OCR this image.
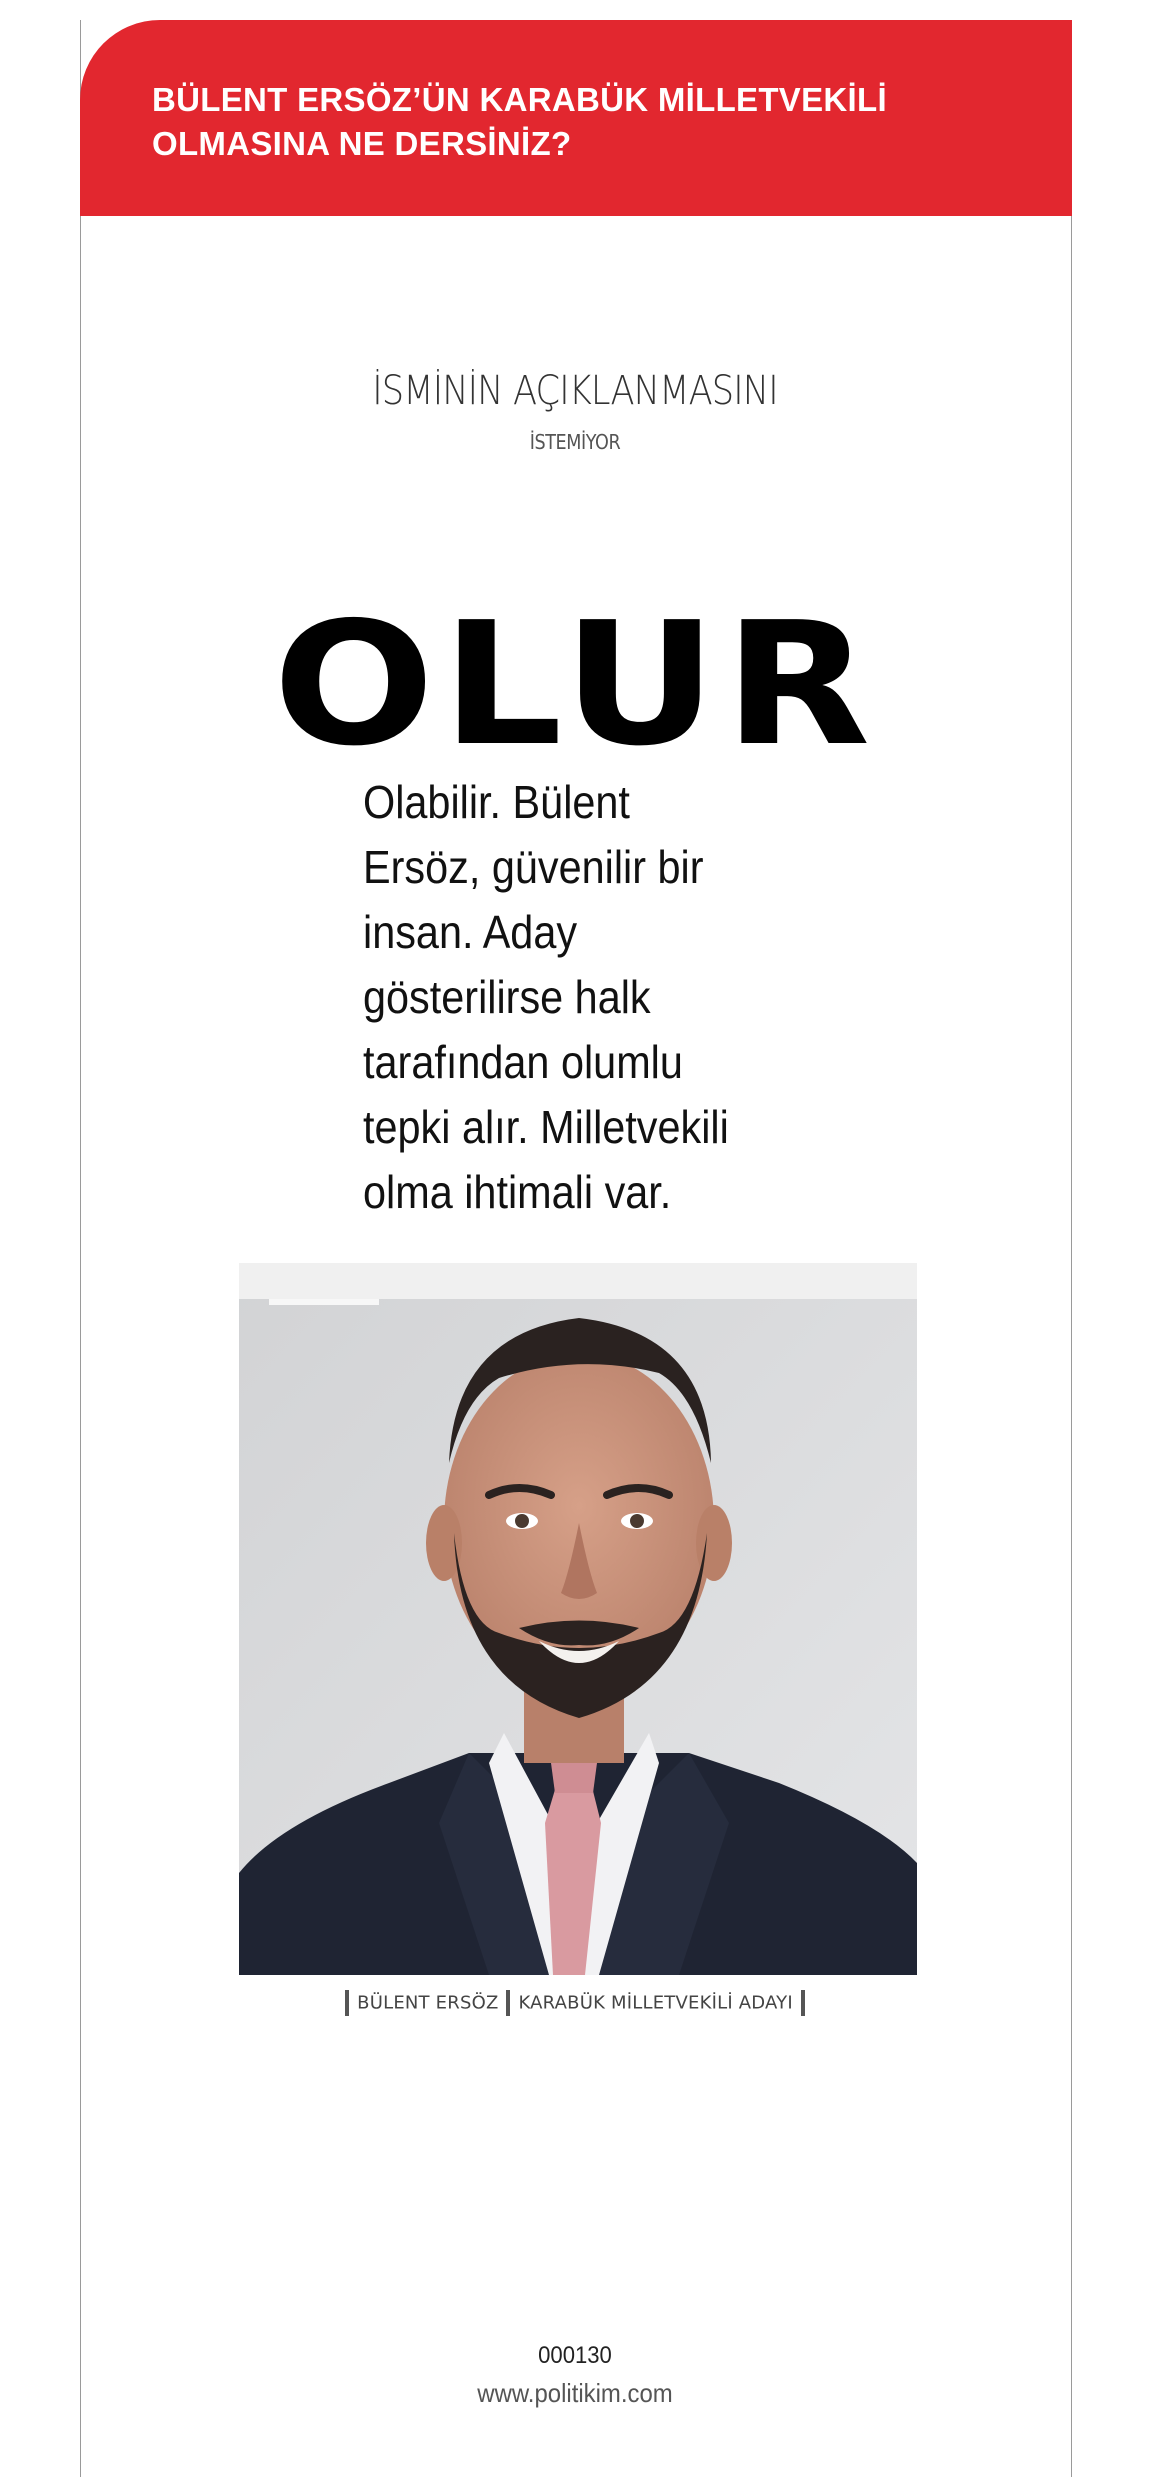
BÜLENT ERSÖZ’ÜN KARABÜK MİLLETVEKİLİ
OLMASINA NE DERSİNİZ?
İSMİNİN AÇIKLANMASINI
İSTEMİYOR
OLUR

Olabilir. Bülent
Ersöz, güvenilir bir
insan. Aday
gösterilirse halk
tarafından olumlu
tepki alır. Milletvekili
olma ihtimali var.

BÜLENT ERSÖZ KARABÜK MİLLETVEKİLİ ADAYI
000130
www.politikim.com
